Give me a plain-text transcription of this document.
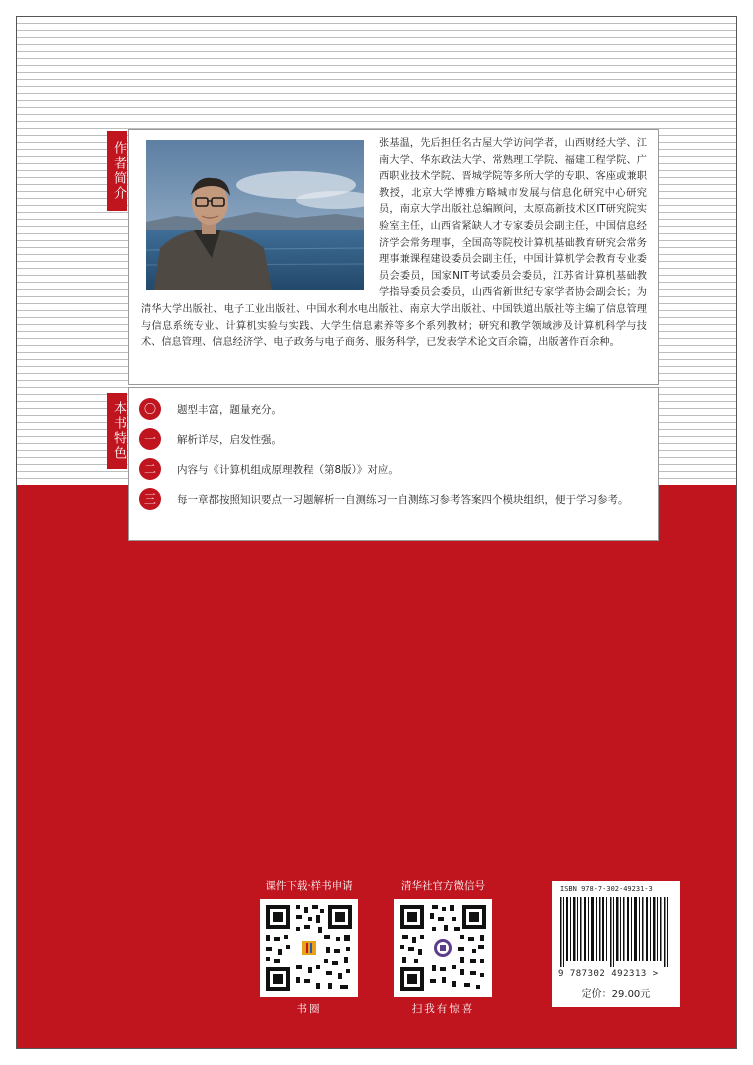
作者简介	张基温，先后担任名古屋大学访问学者，山西财经大学、江南大学、华东政法大学、常熟理工学院、福建工程学院、广西职业技术学院、晋城学院等多所大学的专职、客座或兼职教授，北京大学博雅方略城市发展与信息化研究中心研究员，南京大学出版社总编顾问，太原高新技术区IT研究院实验室主任，山西省紧缺人才专家委员会副主任，中国信息经济学会常务理事，全国高等院校计算机基础教育研究会常务理事兼课程建设委员会副主任，中国计算机学会教育专业委员会委员，国家NIT考试委员会委员，江苏省计算机基础教学指导委员会委员，山西省新世纪专家学者协会副会长；为清华大学出版社、电子工业出版社、中国水利水电出版社、南京大学出版社、中国铁道出版社等主编了信息管理与信息系统专业、计算机实验与实践、大学生信息素养等多个系列教材；研究和教学领域涉及计算机科学与技术、信息管理、信息经济学、电子政务与电子商务、服务科学，已发表学术论文百余篇，出版著作百余种。
本书特色	〇	题型丰富，题量充分。
一	解析详尽，启发性强。
二	内容与《计算机组成原理教程（第8版）》对应。
三	每一章都按照知识要点一习题解析一自测练习一自测练习参考答案四个模块组织，便于学习参考。
课件下载·样书申请
书圈
清华社官方微信号
扫我有惊喜
ISBN 978-7-302-49231-3
9 787302 492313 >
定价：29.00元
